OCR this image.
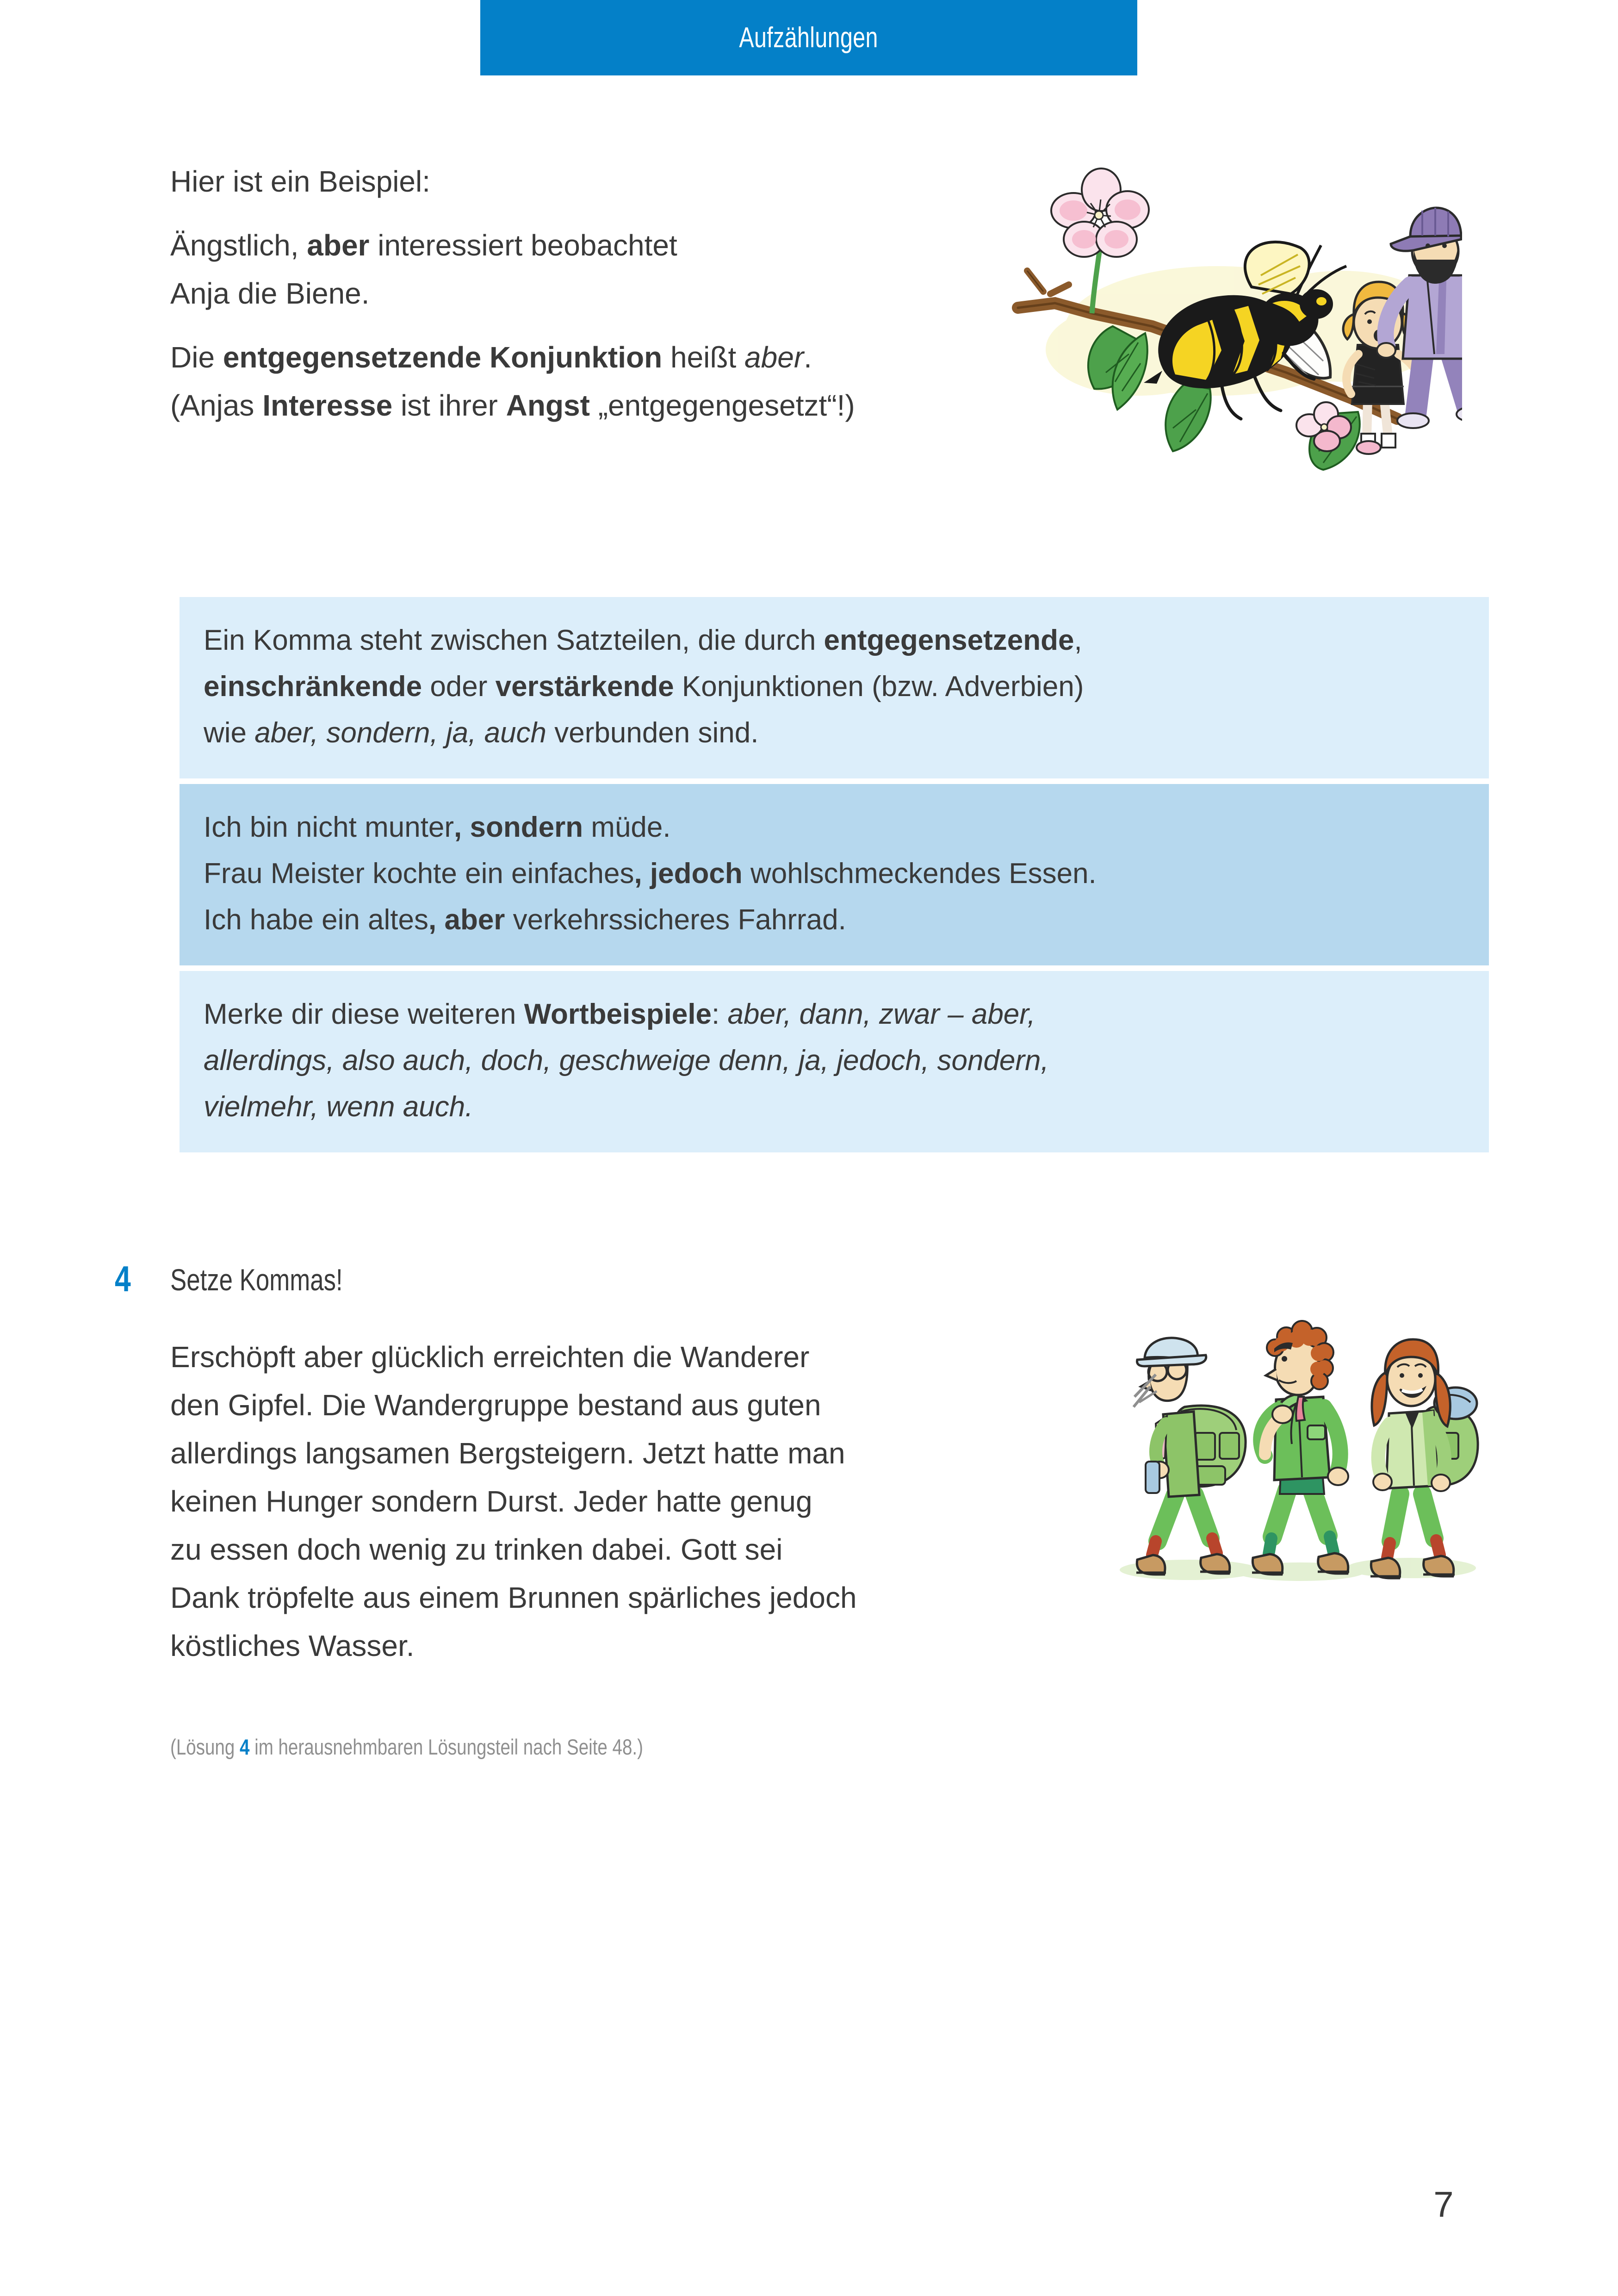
Aufzählungen

Hier ist ein Beispiel:

Ängstlich, aber interessiert beobachtet

Anja die Biene.

Die entgegensetzende Konjunktion heißt aber.

(Anjas Interesse ist ihrer Angst „entgegengesetzt“!)

Ein Komma steht zwischen Satzteilen, die durch entgegensetzende,

einschränkende oder verstärkende Konjunktionen (bzw. Adverbien)

wie aber, sondern, ja, auch verbunden sind.

Ich bin nicht munter, sondern müde.

Frau Meister kochte ein einfaches, jedoch wohlschmeckendes Essen.

Ich habe ein altes, aber verkehrssicheres Fahrrad.

Merke dir diese weiteren Wortbeispiele: aber, dann, zwar – aber,

allerdings, also auch, doch, geschweige denn, ja, jedoch, sondern,

vielmehr, wenn auch.

4 Setze Kommas!

Erschöpft aber glücklich erreichten die Wanderer

den Gipfel. Die Wandergruppe bestand aus guten

allerdings langsamen Bergsteigern. Jetzt hatte man

keinen Hunger sondern Durst. Jeder hatte genug

zu essen doch wenig zu trinken dabei. Gott sei

Dank tröpfelte aus einem Brunnen spärliches jedoch

köstliches Wasser.

(Lösung 4 im herausnehmbaren Lösungsteil nach Seite 48.)
7
